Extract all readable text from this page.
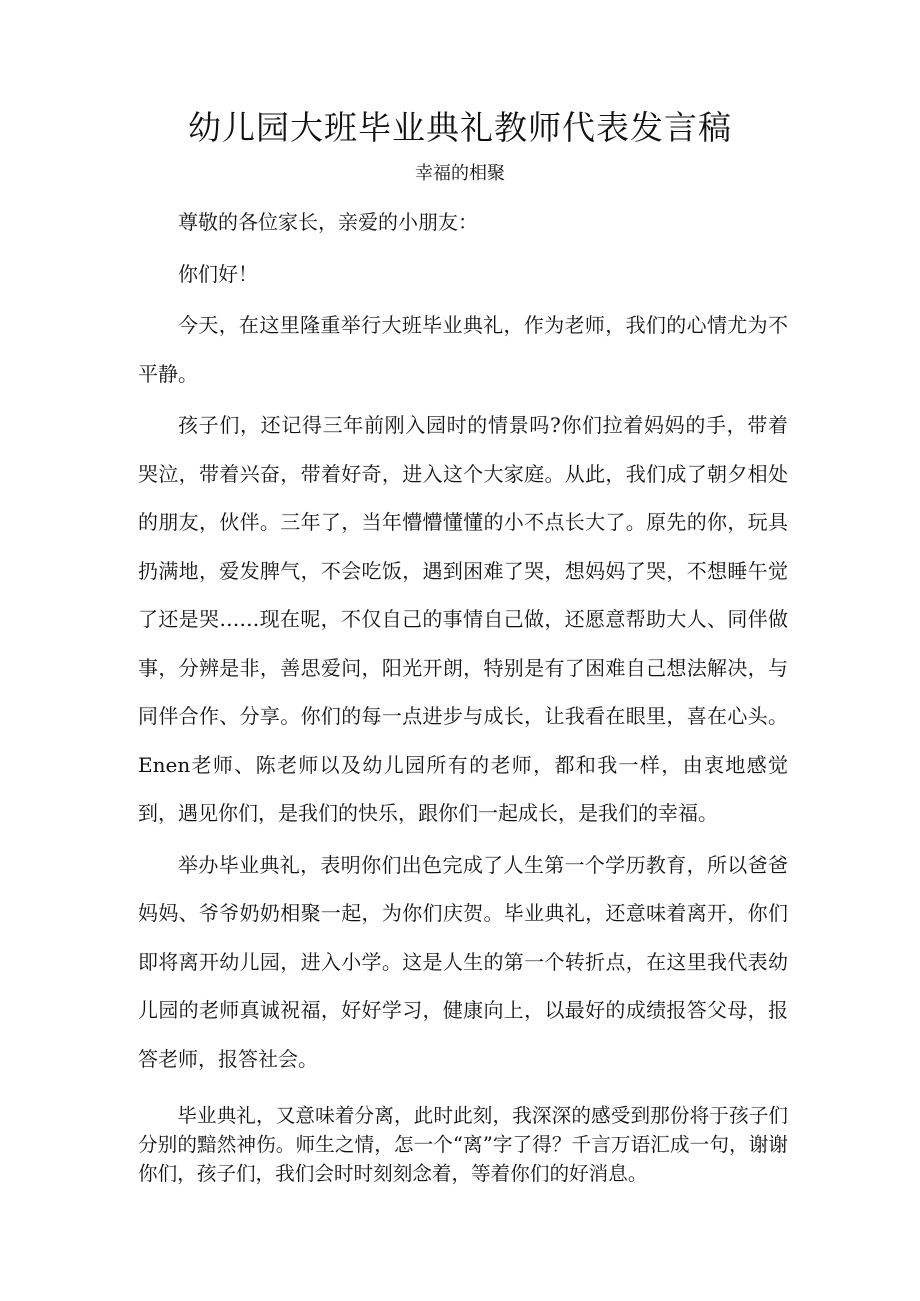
幼儿园大班毕业典礼教师代表发言稿
幸福的相聚

尊敬的各位家长，亲爱的小朋友：

你们好！

今天，在这里隆重举行大班毕业典礼，作为老师，我们的心情尤为不平静。

孩子们，还记得三年前刚入园时的情景吗?你们拉着妈妈的手，带着哭泣，带着兴奋，带着好奇，进入这个大家庭。从此，我们成了朝夕相处的朋友，伙伴。三年了，当年懵懵懂懂的小不点长大了。原先的你，玩具扔满地，爱发脾气，不会吃饭，遇到困难了哭，想妈妈了哭，不想睡午觉了还是哭……现在呢，不仅自己的事情自己做，还愿意帮助大人、同伴做事，分辨是非，善思爱问，阳光开朗，特别是有了困难自己想法解决，与同伴合作、分享。你们的每一点进步与成长，让我看在眼里，喜在心头。Enen老师、陈老师以及幼儿园所有的老师，都和我一样，由衷地感觉到，遇见你们，是我们的快乐，跟你们一起成长，是我们的幸福。

举办毕业典礼，表明你们出色完成了人生第一个学历教育，所以爸爸妈妈、爷爷奶奶相聚一起，为你们庆贺。毕业典礼，还意味着离开，你们即将离开幼儿园，进入小学。这是人生的第一个转折点，在这里我代表幼儿园的老师真诚祝福，好好学习，健康向上，以最好的成绩报答父母，报答老师，报答社会。

毕业典礼，又意味着分离，此时此刻，我深深的感受到那份将于孩子们分别的黯然神伤。师生之情，怎一个“离”字了得？千言万语汇成一句，谢谢你们，孩子们，我们会时时刻刻念着，等着你们的好消息。
